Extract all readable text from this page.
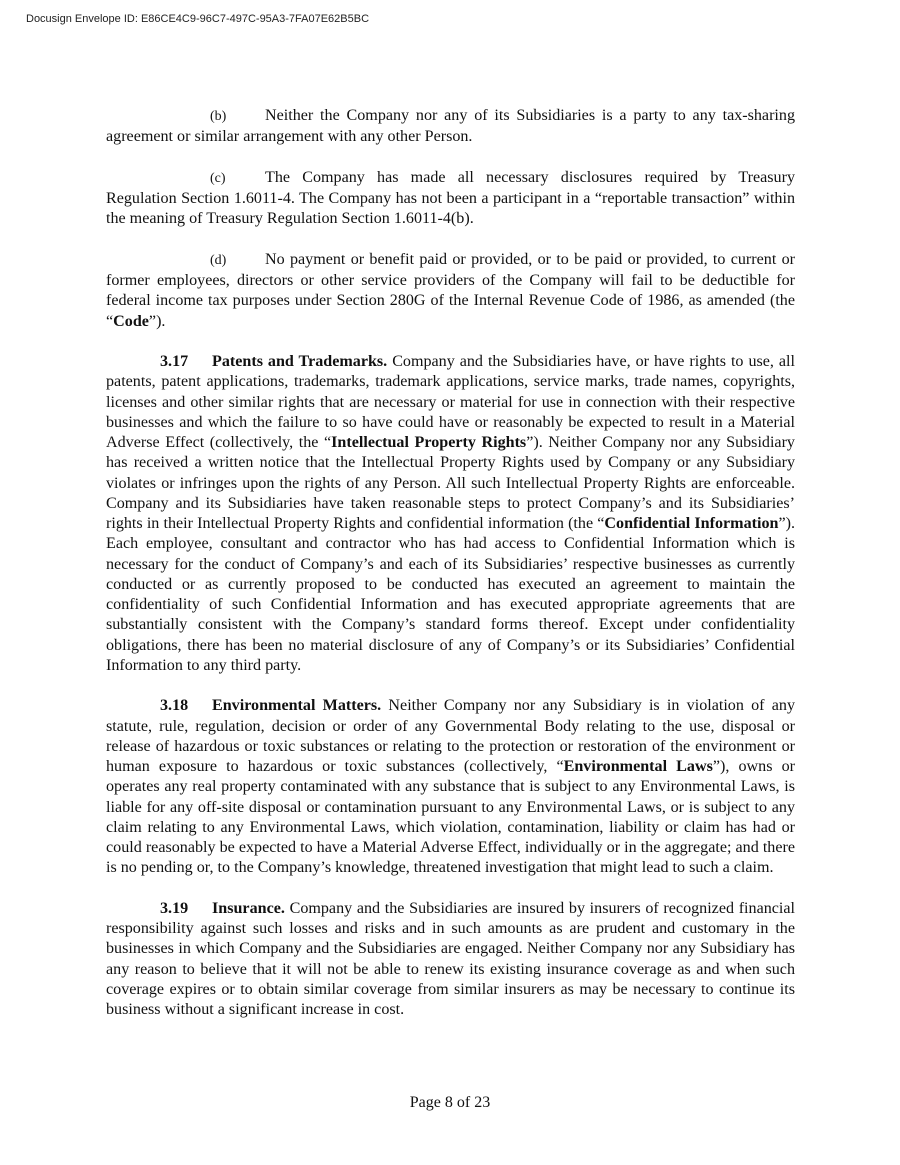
Docusign Envelope ID: E86CE4C9-96C7-497C-95A3-7FA07E62B5BC

(b) Neither the Company nor any of its Subsidiaries is a party to any tax-sharing agreement or similar arrangement with any other Person.

(c) The Company has made all necessary disclosures required by Treasury Regulation Section 1.6011-4. The Company has not been a participant in a “reportable transaction” within the meaning of Treasury Regulation Section 1.6011-4(b).

(d) No payment or benefit paid or provided, or to be paid or provided, to current or former employees, directors or other service providers of the Company will fail to be deductible for federal income tax purposes under Section 280G of the Internal Revenue Code of 1986, as amended (the “Code”).

3.17 Patents and Trademarks. Company and the Subsidiaries have, or have rights to use, all patents, patent applications, trademarks, trademark applications, service marks, trade names, copyrights, licenses and other similar rights that are necessary or material for use in connection with their respective businesses and which the failure to so have could have or reasonably be expected to result in a Material Adverse Effect (collectively, the “Intellectual Property Rights”). Neither Company nor any Subsidiary has received a written notice that the Intellectual Property Rights used by Company or any Subsidiary violates or infringes upon the rights of any Person. All such Intellectual Property Rights are enforceable. Company and its Subsidiaries have taken reasonable steps to protect Company’s and its Subsidiaries’ rights in their Intellectual Property Rights and confidential information (the “Confidential Information”). Each employee, consultant and contractor who has had access to Confidential Information which is necessary for the conduct of Company’s and each of its Subsidiaries’ respective businesses as currently conducted or as currently proposed to be conducted has executed an agreement to maintain the confidentiality of such Confidential Information and has executed appropriate agreements that are substantially consistent with the Company’s standard forms thereof. Except under confidentiality obligations, there has been no material disclosure of any of Company’s or its Subsidiaries’ Confidential Information to any third party.

3.18 Environmental Matters. Neither Company nor any Subsidiary is in violation of any statute, rule, regulation, decision or order of any Governmental Body relating to the use, disposal or release of hazardous or toxic substances or relating to the protection or restoration of the environment or human exposure to hazardous or toxic substances (collectively, “Environmental Laws”), owns or operates any real property contaminated with any substance that is subject to any Environmental Laws, is liable for any off-site disposal or contamination pursuant to any Environmental Laws, or is subject to any claim relating to any Environmental Laws, which violation, contamination, liability or claim has had or could reasonably be expected to have a Material Adverse Effect, individually or in the aggregate; and there is no pending or, to the Company’s knowledge, threatened investigation that might lead to such a claim.

3.19 Insurance. Company and the Subsidiaries are insured by insurers of recognized financial responsibility against such losses and risks and in such amounts as are prudent and customary in the businesses in which Company and the Subsidiaries are engaged. Neither Company nor any Subsidiary has any reason to believe that it will not be able to renew its existing insurance coverage as and when such coverage expires or to obtain similar coverage from similar insurers as may be necessary to continue its business without a significant increase in cost.

Page 8 of 23
